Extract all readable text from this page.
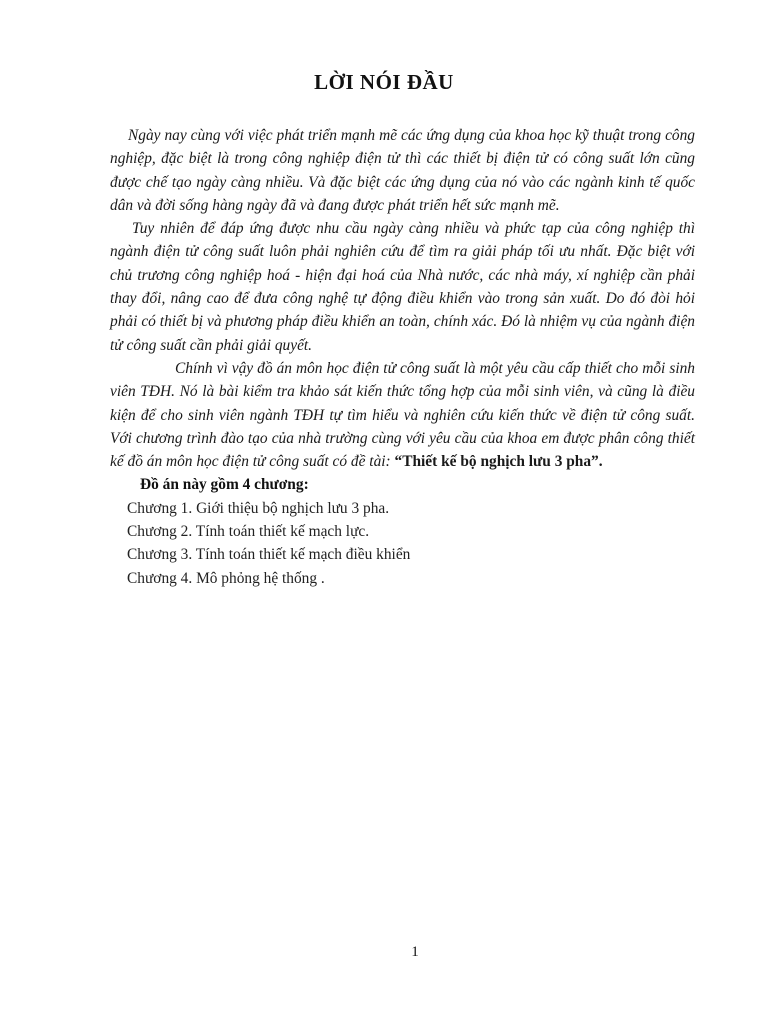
LỜI NÓI ĐẦU

Ngày nay cùng với việc phát triển mạnh mẽ các ứng dụng của khoa học kỹ thuật trong công nghiệp, đặc biệt là trong công nghiệp điện tử thì các thiết bị điện tử có công suất lớn cũng được chế tạo ngày càng nhiều. Và đặc biệt các ứng dụng của nó vào các ngành kinh tế quốc dân và đời sống hàng ngày đã và đang được phát triển hết sức mạnh mẽ.

Tuy nhiên để đáp ứng được nhu cầu ngày càng nhiều và phức tạp của công nghiệp thì ngành điện tử công suất luôn phải nghiên cứu để tìm ra giải pháp tối ưu nhất. Đặc biệt với chủ trương công nghiệp hoá - hiện đại hoá của Nhà nước, các nhà máy, xí nghiệp cần phải thay đổi, nâng cao để đưa công nghệ tự động điều khiển vào trong sản xuất. Do đó đòi hỏi phải có thiết bị và phương pháp điều khiển an toàn, chính xác. Đó là nhiệm vụ của ngành điện tử công suất cần phải giải quyết.

Chính vì vậy đồ án môn học điện tử công suất là một yêu cầu cấp thiết cho mỗi sinh viên TĐH. Nó là bài kiểm tra khảo sát kiến thức tổng hợp của mỗi sinh viên, và cũng là điều kiện để cho sinh viên ngành TĐH tự tìm hiểu và nghiên cứu kiến thức về điện tử công suất. Với chương trình đào tạo của nhà trường cùng với yêu cầu của khoa em được phân công thiết kế đồ án môn học điện tử công suất có đề tài: “Thiết kế bộ nghịch lưu 3 pha”.

Đồ án này gồm 4 chương:

Chương 1. Giới thiệu bộ nghịch lưu 3 pha.
Chương 2. Tính toán thiết kế mạch lực.
Chương 3. Tính toán thiết kế mạch điều khiển
Chương 4. Mô phỏng hệ thống .
1
